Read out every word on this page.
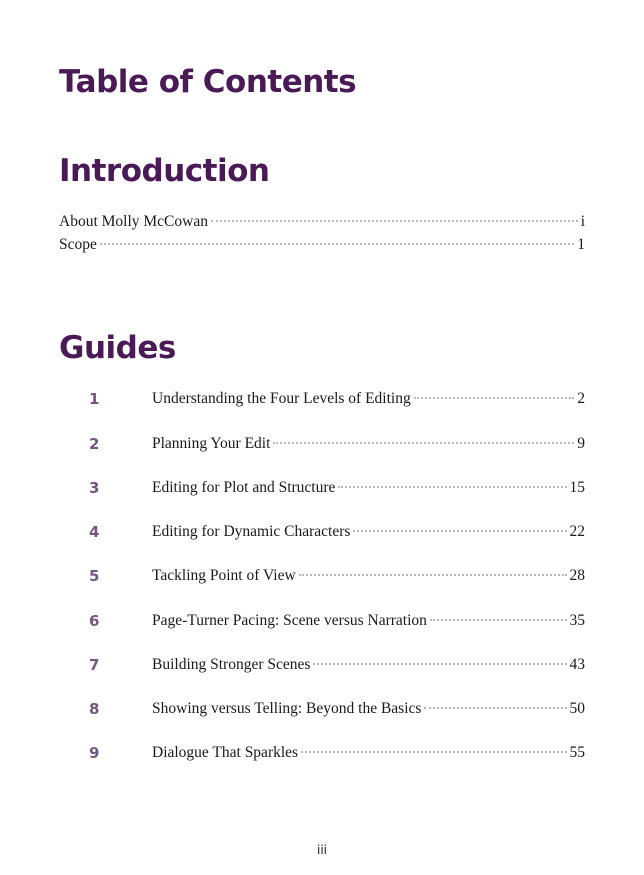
Table of Contents
Introduction
About Molly McCowan	i
Scope	1
Guides
1	Understanding the Four Levels of Editing	2
2	Planning Your Edit	9
3	Editing for Plot and Structure	15
4	Editing for Dynamic Characters	22
5	Tackling Point of View	28
6	Page-Turner Pacing: Scene versus Narration	35
7	Building Stronger Scenes	43
8	Showing versus Telling: Beyond the Basics	50
9	Dialogue That Sparkles	55
iii
